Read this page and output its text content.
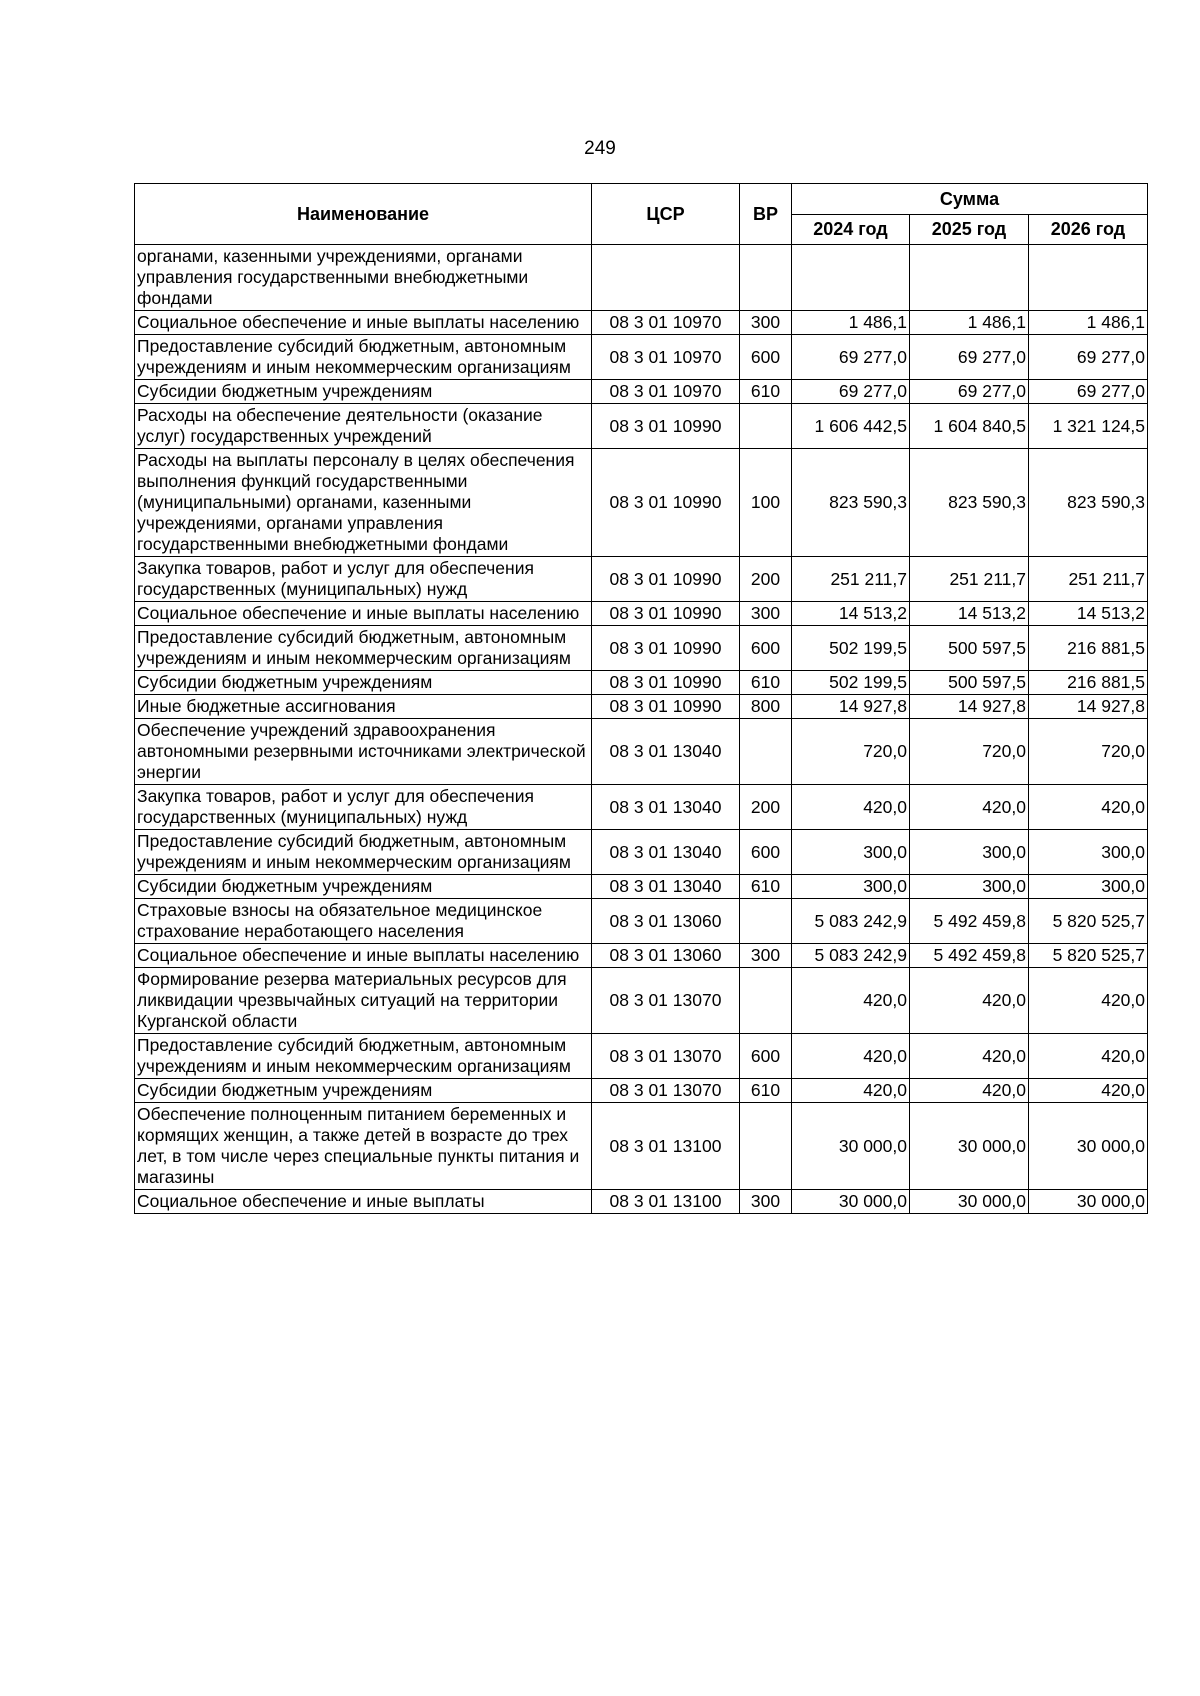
249
Наименование	ЦСР	ВР	Сумма		
			2024 год	2025 год	2026 год
органами, казенными учреждениями, органами управления государственными внебюджетными фондами					
Социальное обеспечение и иные выплаты населению	08 3 01 10970	300	1 486,1	1 486,1	1 486,1
Предоставление субсидий бюджетным, автономным учреждениям и иным некоммерческим организациям	08 3 01 10970	600	69 277,0	69 277,0	69 277,0
Субсидии бюджетным учреждениям	08 3 01 10970	610	69 277,0	69 277,0	69 277,0
Расходы на обеспечение деятельности (оказание услуг) государственных учреждений	08 3 01 10990		1 606 442,5	1 604 840,5	1 321 124,5
Расходы на выплаты персоналу в целях обеспечения выполнения функций государственными (муниципальными) органами, казенными учреждениями, органами управления государственными внебюджетными фондами	08 3 01 10990	100	823 590,3	823 590,3	823 590,3
Закупка товаров, работ и услуг для обеспечения государственных (муниципальных) нужд	08 3 01 10990	200	251 211,7	251 211,7	251 211,7
Социальное обеспечение и иные выплаты населению	08 3 01 10990	300	14 513,2	14 513,2	14 513,2
Предоставление субсидий бюджетным, автономным учреждениям и иным некоммерческим организациям	08 3 01 10990	600	502 199,5	500 597,5	216 881,5
Субсидии бюджетным учреждениям	08 3 01 10990	610	502 199,5	500 597,5	216 881,5
Иные бюджетные ассигнования	08 3 01 10990	800	14 927,8	14 927,8	14 927,8
Обеспечение учреждений здравоохранения автономными резервными источниками электрической энергии	08 3 01 13040		720,0	720,0	720,0
Закупка товаров, работ и услуг для обеспечения государственных (муниципальных) нужд	08 3 01 13040	200	420,0	420,0	420,0
Предоставление субсидий бюджетным, автономным учреждениям и иным некоммерческим организациям	08 3 01 13040	600	300,0	300,0	300,0
Субсидии бюджетным учреждениям	08 3 01 13040	610	300,0	300,0	300,0
Страховые взносы на обязательное медицинское страхование неработающего населения	08 3 01 13060		5 083 242,9	5 492 459,8	5 820 525,7
Социальное обеспечение и иные выплаты населению	08 3 01 13060	300	5 083 242,9	5 492 459,8	5 820 525,7
Формирование резерва материальных ресурсов для ликвидации чрезвычайных ситуаций на территории Курганской области	08 3 01 13070		420,0	420,0	420,0
Предоставление субсидий бюджетным, автономным учреждениям и иным некоммерческим организациям	08 3 01 13070	600	420,0	420,0	420,0
Субсидии бюджетным учреждениям	08 3 01 13070	610	420,0	420,0	420,0
Обеспечение полноценным питанием беременных и кормящих женщин, а также детей в возрасте до трех лет, в том числе через специальные пункты питания и магазины	08 3 01 13100		30 000,0	30 000,0	30 000,0
Социальное обеспечение и иные выплаты	08 3 01 13100	300	30 000,0	30 000,0	30 000,0
